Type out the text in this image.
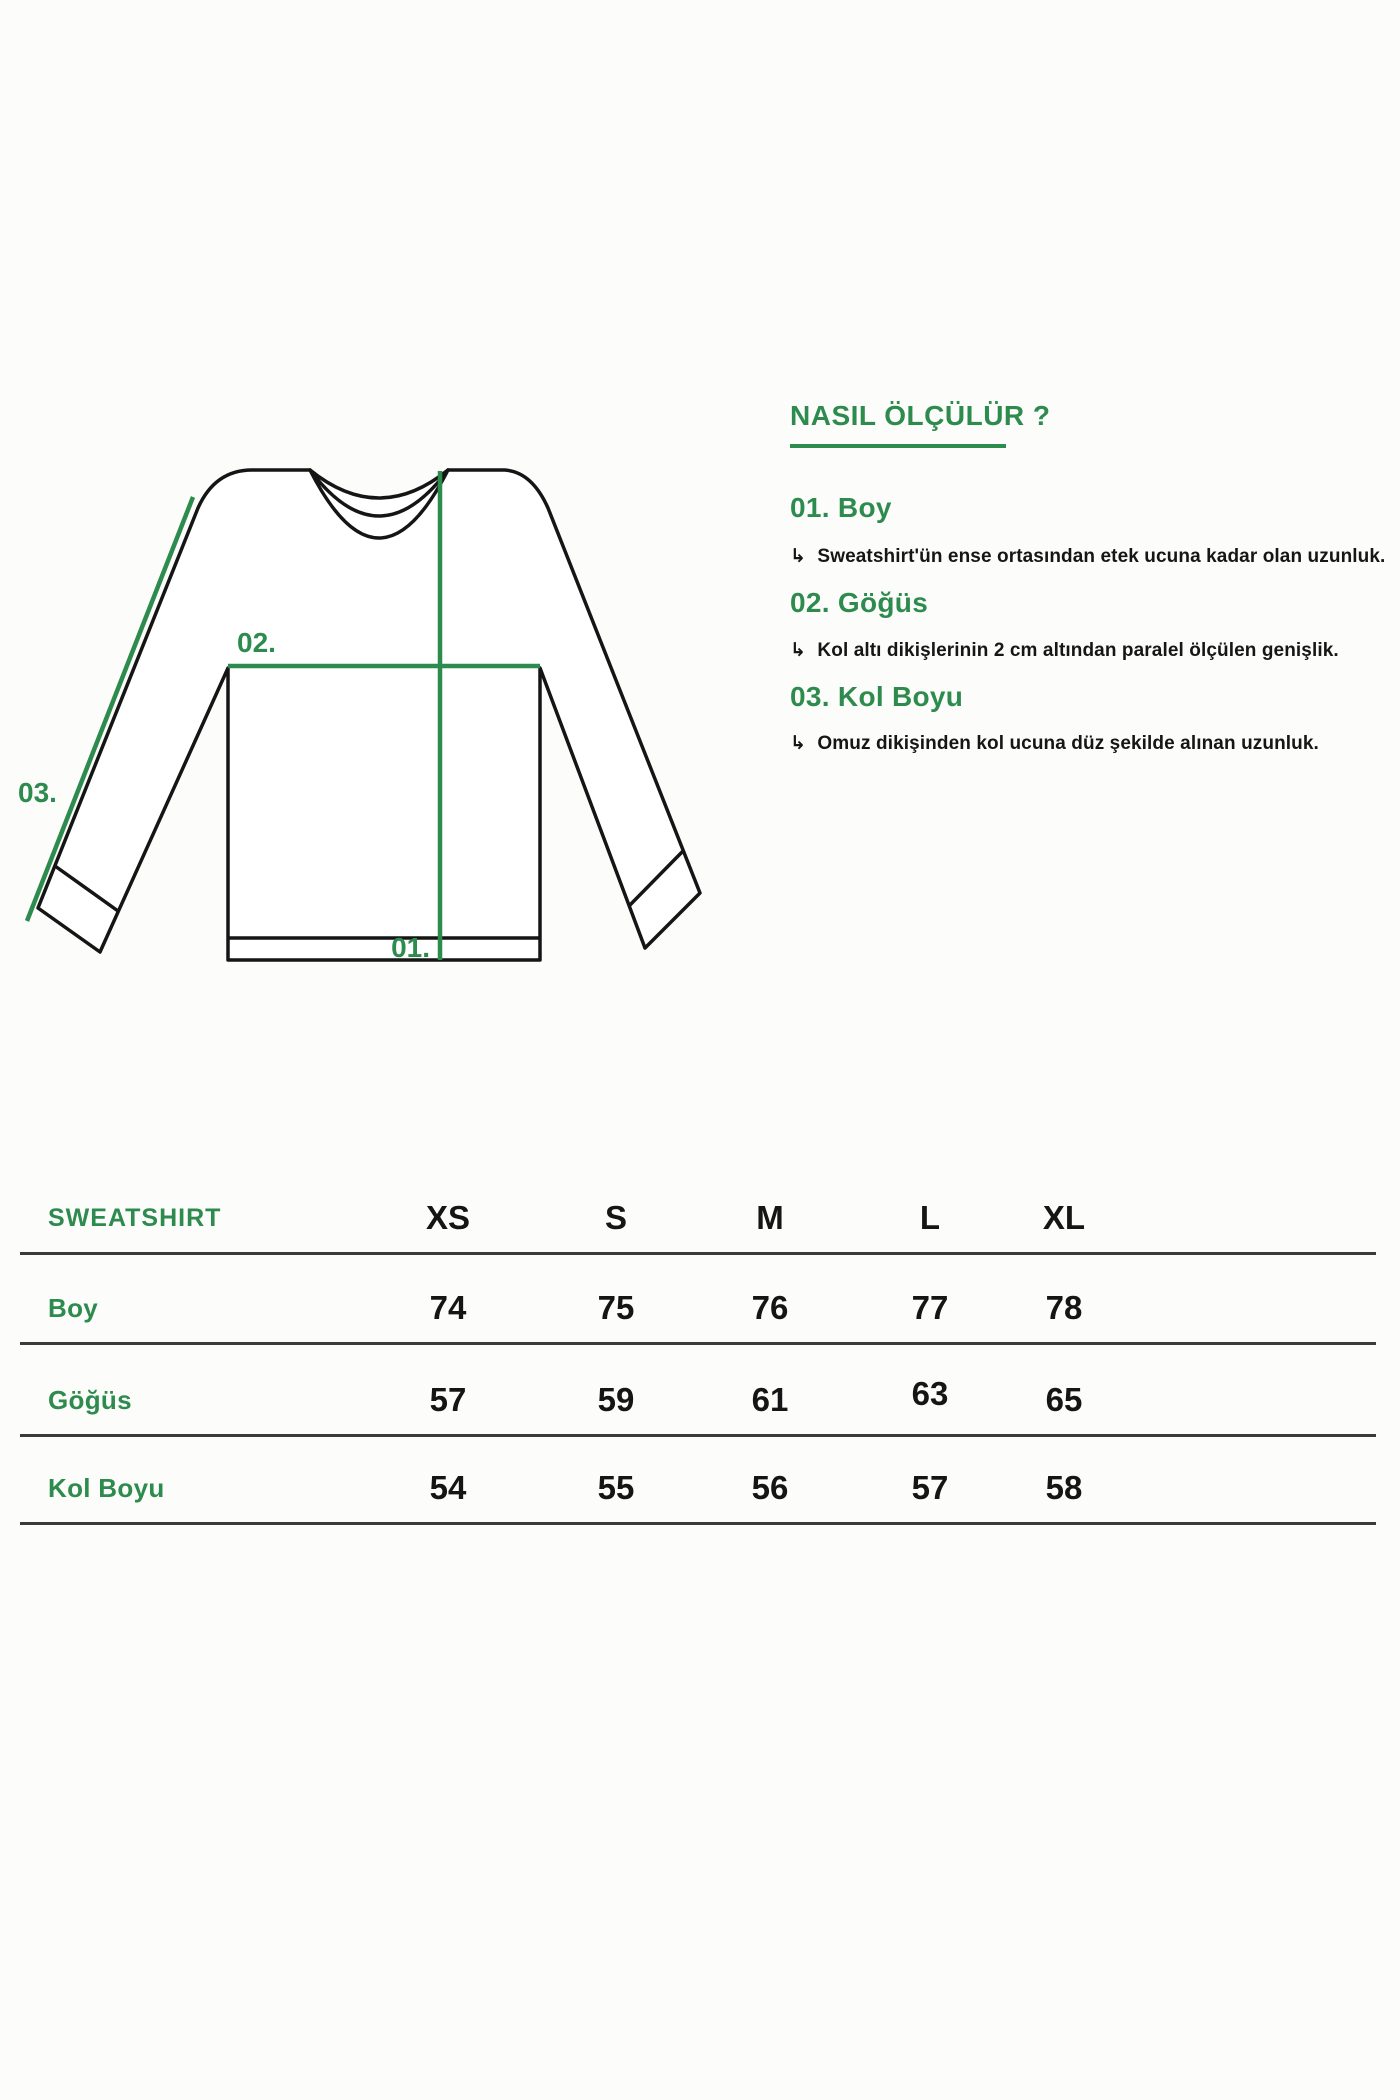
02.
03.
01.
NASIL ÖLÇÜLÜR ?
01. Boy
↳ Sweatshirt'ün ense ortasından etek ucuna kadar olan uzunluk.
02. Göğüs
↳ Kol altı dikişlerinin 2 cm altından paralel ölçülen genişlik.
03. Kol Boyu
↳ Omuz dikişinden kol ucuna düz şekilde alınan uzunluk.
SWEATSHIRT	XS	S	M	L	XL
Boy	74	75	76	77	78
Göğüs	57	59	61	63	65
Kol Boyu	54	55	56	57	58
